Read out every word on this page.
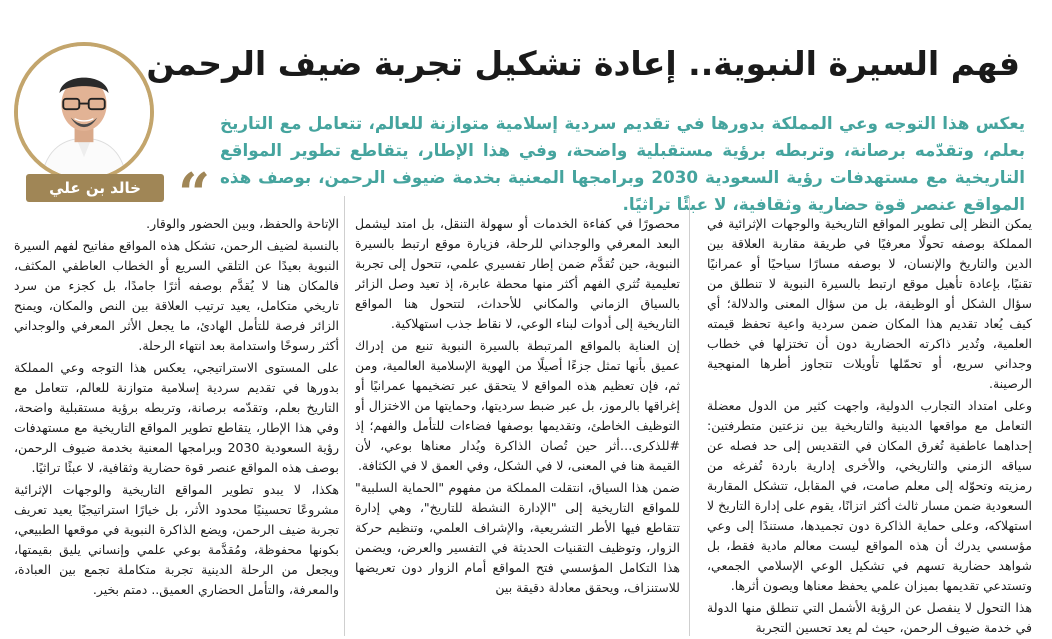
فهم السيرة النبوية.. إعادة تشكيل تجربة ضيف الرحمن
خالد بن علي المطرفي “
يعكس هذا التوجه وعي المملكة بدورها في تقديم سردية إسلامية متوازنة للعالم، تتعامل مع التاريخ بعلم، وتقدّمه برصانة، وتربطه برؤية مستقبلية واضحة، وفي هذا الإطار، يتقاطع تطوير المواقع التاريخية مع مستهدفات رؤية السعودية 2030 وبرامجها المعنية بخدمة ضيوف الرحمن، بوصف هذه المواقع عنصر قوة حضارية وثقافية، لا عبئًا تراثيًا.

يمكن النظر إلى تطوير المواقع التاريخية والوجهات الإثرائية في المملكة بوصفه تحولًا معرفيًا في طريقة مقاربة العلاقة بين الدين والتاريخ والإنسان، لا بوصفه مسارًا سياحيًا أو عمرانيًا تقنيًا، بإعادة تأهيل موقع ارتبط بالسيرة النبوية لا تنطلق من سؤال الشكل أو الوظيفة، بل من سؤال المعنى والدلالة؛ أي كيف يُعاد تقديم هذا المكان ضمن سردية واعية تحفظ قيمته العلمية، وتُدير ذاكرته الحضارية دون أن تختزلها في خطاب وجداني سريع، أو تحمّلها تأويلات تتجاوز أطرها المنهجية الرصينة.

وعلى امتداد التجارب الدولية، واجهت كثير من الدول معضلة التعامل مع مواقعها الدينية والتاريخية بين نزعتين متطرفتين: إحداهما عاطفية تُغرق المكان في التقديس إلى حد فصله عن سياقه الزمني والتاريخي، والأخرى إدارية باردة تُفرغه من رمزيته وتحوّله إلى معلم صامت، في المقابل، تتشكل المقاربة السعودية ضمن مسار ثالث أكثر اتزانًا، يقوم على إدارة التاريخ لا استهلاكه، وعلى حماية الذاكرة دون تجميدها، مستندًا إلى وعي مؤسسي يدرك أن هذه المواقع ليست معالم مادية فقط، بل شواهد حضارية تسهم في تشكيل الوعي الإسلامي الجمعي، وتستدعي تقديمها بميزان علمي يحفظ معناها ويصون أثرها.

هذا التحول لا ينفصل عن الرؤية الأشمل التي تنطلق منها الدولة في خدمة ضيوف الرحمن، حيث لم يعد تحسين التجربة

محصورًا في كفاءة الخدمات أو سهولة التنقل، بل امتد ليشمل البعد المعرفي والوجداني للرحلة، فزيارة موقع ارتبط بالسيرة النبوية، حين تُقدَّم ضمن إطار تفسيري علمي، تتحول إلى تجربة تعليمية تُثري الفهم أكثر منها محطة عابرة، إذ تعيد وصل الزائر بالسياق الزماني والمكاني للأحداث، لتتحول هنا المواقع التاريخية إلى أدوات لبناء الوعي، لا نقاط جذب استهلاكية.

إن العناية بالمواقع المرتبطة بالسيرة النبوية تنبع من إدراك عميق بأنها تمثل جزءًا أصيلًا من الهوية الإسلامية العالمية، ومن ثم، فإن تعظيم هذه المواقع لا يتحقق عبر تضخيمها عمرانيًا أو إغراقها بالرموز، بل عبر ضبط سرديتها، وحمايتها من الاختزال أو التوظيف الخاطئ، وتقديمها بوصفها فضاءات للتأمل والفهم؛ إذ #للذكرى…أثر حين تُصان الذاكرة ويُدار معناها بوعي، لأن القيمة هنا في المعنى، لا في الشكل، وفي العمق لا في الكثافة.

ضمن هذا السياق، انتقلت المملكة من مفهوم "الحماية السلبية" للمواقع التاريخية إلى "الإدارة النشطة للتاريخ"، وهي إدارة تتقاطع فيها الأطر التشريعية، والإشراف العلمي، وتنظيم حركة الزوار، وتوظيف التقنيات الحديثة في التفسير والعرض، ويضمن هذا التكامل المؤسسي فتح المواقع أمام الزوار دون تعريضها للاستنزاف، ويحقق معادلة دقيقة بين

الإتاحة والحفظ، وبين الحضور والوقار.

بالنسبة لضيف الرحمن، تشكل هذه المواقع مفاتيح لفهم السيرة النبوية بعيدًا عن التلقي السريع أو الخطاب العاطفي المكثف، فالمكان هنا لا يُقدَّم بوصفه أثرًا جامدًا، بل كجزء من سرد تاريخي متكامل، يعيد ترتيب العلاقة بين النص والمكان، ويمنح الزائر فرصة للتأمل الهادئ، ما يجعل الأثر المعرفي والوجداني أكثر رسوخًا واستدامة بعد انتهاء الرحلة.

على المستوى الاستراتيجي، يعكس هذا التوجه وعي المملكة بدورها في تقديم سردية إسلامية متوازنة للعالم، تتعامل مع التاريخ بعلم، وتقدّمه برصانة، وتربطه برؤية مستقبلية واضحة، وفي هذا الإطار، يتقاطع تطوير المواقع التاريخية مع مستهدفات رؤية السعودية 2030 وبرامجها المعنية بخدمة ضيوف الرحمن، بوصف هذه المواقع عنصر قوة حضارية وثقافية، لا عبئًا تراثيًا.

هكذا، لا يبدو تطوير المواقع التاريخية والوجهات الإثرائية مشروعًا تحسينيًا محدود الأثر، بل خيارًا استراتيجيًا يعيد تعريف تجربة ضيف الرحمن، ويضع الذاكرة النبوية في موقعها الطبيعي، بكونها محفوظة، ومُقدَّمة بوعي علمي وإنساني يليق بقيمتها، ويجعل من الرحلة الدينية تجربة متكاملة تجمع بين العبادة، والمعرفة، والتأمل الحضاري العميق.. دمتم بخير.
